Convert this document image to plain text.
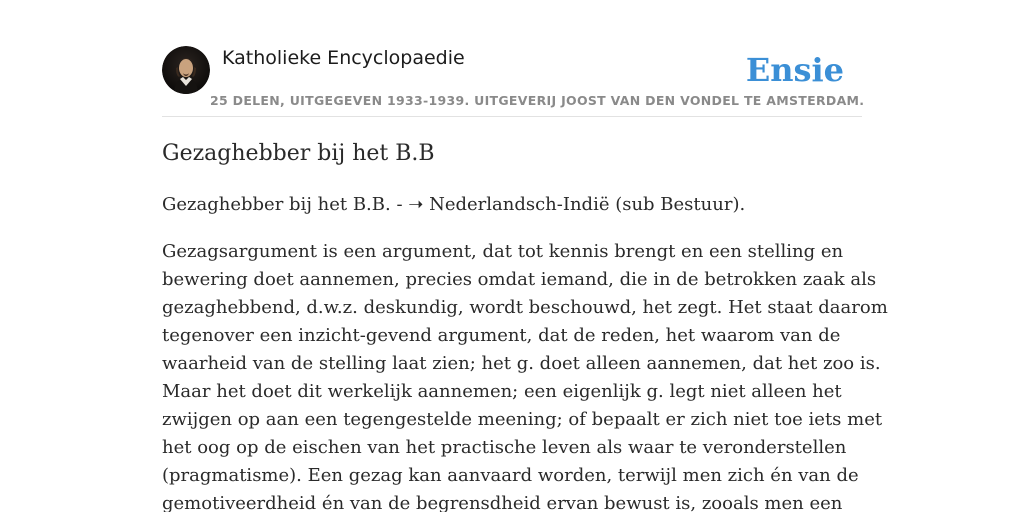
Katholieke Encyclopaedie
25 DELEN, UITGEGEVEN 1933-1939. UITGEVERIJ JOOST VAN DEN VONDEL TE AMSTERDAM.
Ensie
Gezaghebber bij het B.B

Gezaghebber bij het B.B. - ➝ Nederlandsch-Indië (sub Bestuur).

Gezagsargument is een argument, dat tot kennis brengt en een stelling en
bewering doet aannemen, precies omdat iemand, die in de betrokken zaak als
gezaghebbend, d.w.z. deskundig, wordt beschouwd, het zegt. Het staat daarom
tegenover een inzicht-gevend argument, dat de reden, het waarom van de
waarheid van de stelling laat zien; het g. doet alleen aannemen, dat het zoo is.
Maar het doet dit werkelijk aannemen; een eigenlijk g. legt niet alleen het
zwijgen op aan een tegengestelde meening; of bepaalt er zich niet toe iets met
het oog op de eischen van het practische leven als waar te veronderstellen
(pragmatisme). Een gezag kan aanvaard worden, terwijl men zich én van de
gemotiveerdheid én van de begrensdheid ervan bewust is, zooals men een
